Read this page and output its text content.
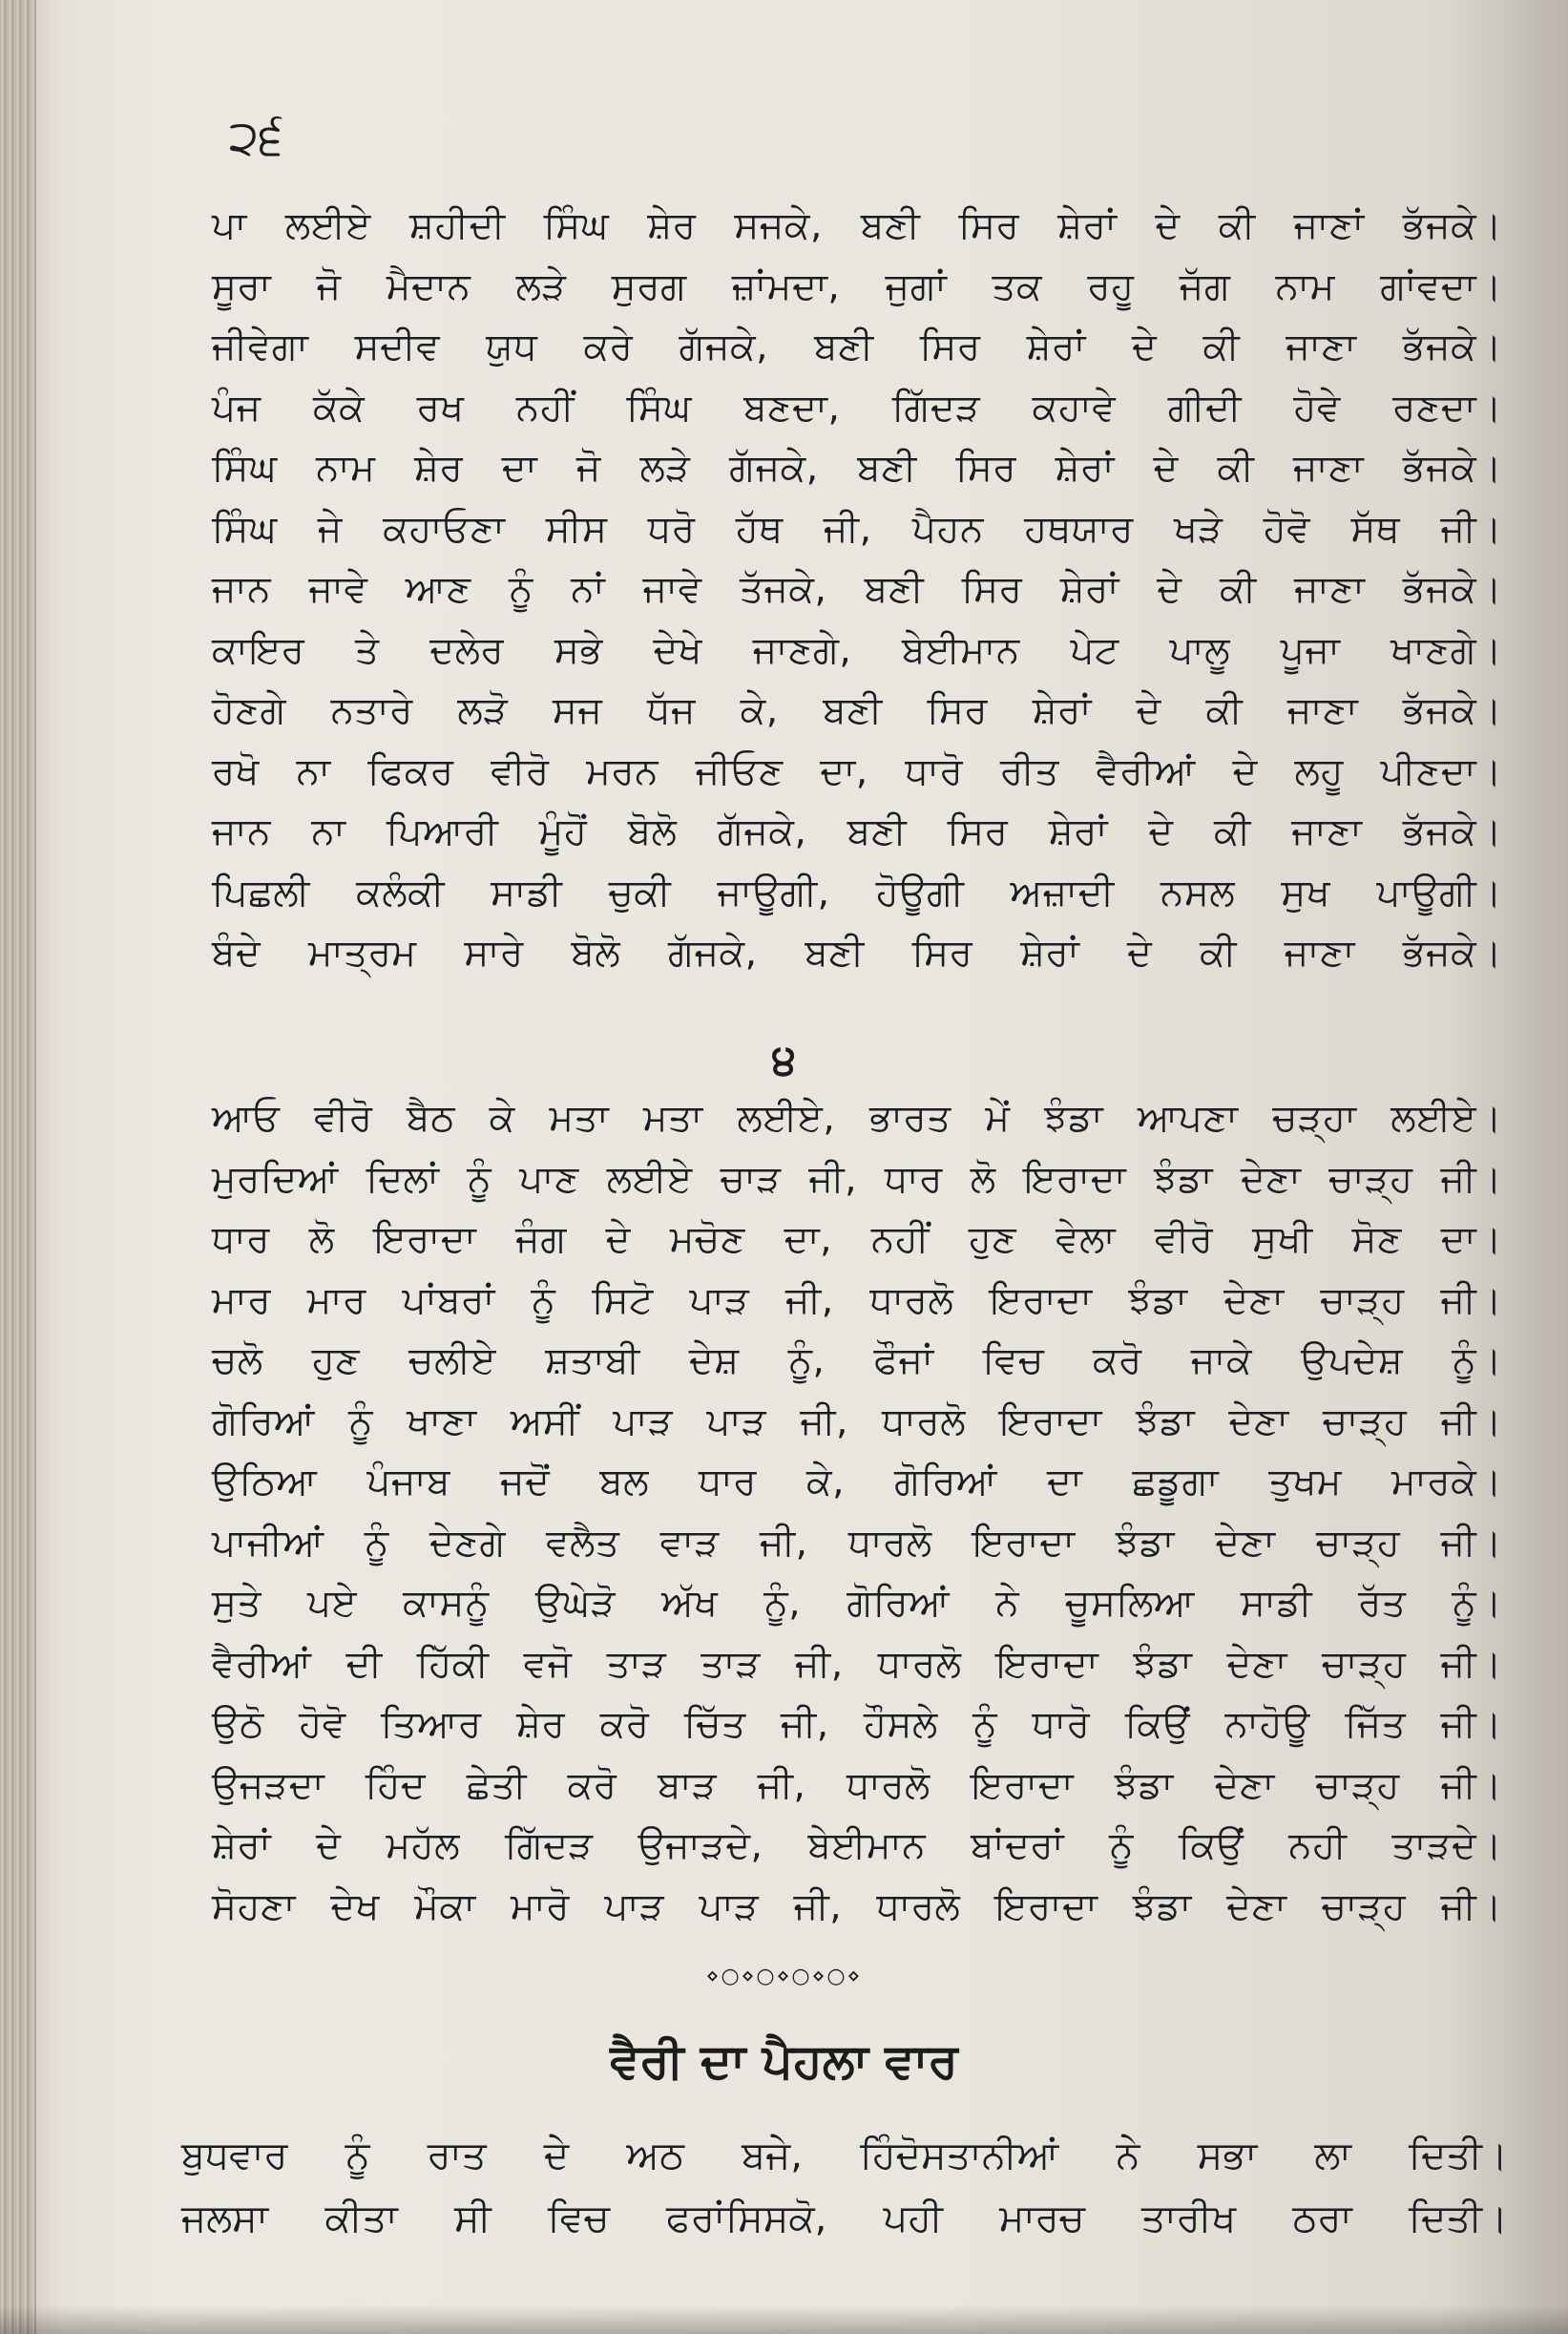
੨੬

ਪਾ ਲਈਏ ਸ਼ਹੀਦੀ ਸਿੰਘ ਸ਼ੇਰ ਸਜਕੇ, ਬਣੀ ਸਿਰ ਸ਼ੇਰਾਂ ਦੇ ਕੀ ਜਾਣਾਂ ਭੱਜਕੇ।

ਸੂਰਾ ਜੋ ਮੈਦਾਨ ਲੜੇ ਸੁਰਗ ਜ਼ਾਂਮਦਾ, ਜੁਗਾਂ ਤਕ ਰਹੂ ਜੱਗ ਨਾਮ ਗਾਂਵਦਾ।

ਜੀਵੇਗਾ ਸਦੀਵ ਯੁਧ ਕਰੇ ਗੱਜਕੇ, ਬਣੀ ਸਿਰ ਸ਼ੇਰਾਂ ਦੇ ਕੀ ਜਾਣਾ ਭੱਜਕੇ।

ਪੰਜ ਕੱਕੇ ਰਖ ਨਹੀਂ ਸਿੰਘ ਬਣਦਾ, ਗਿੱਦੜ ਕਹਾਵੇ ਗੀਦੀ ਹੋਵੇ ਰਣਦਾ।

ਸਿੰਘ ਨਾਮ ਸ਼ੇਰ ਦਾ ਜੋ ਲੜੇ ਗੱਜਕੇ, ਬਣੀ ਸਿਰ ਸ਼ੇਰਾਂ ਦੇ ਕੀ ਜਾਣਾ ਭੱਜਕੇ।

ਸਿੰਘ ਜੇ ਕਹਾਓਣਾ ਸੀਸ ਧਰੋ ਹੱਥ ਜੀ, ਪੈਹਨ ਹਥਯਾਰ ਖੜੇ ਹੋਵੋ ਸੱਥ ਜੀ।

ਜਾਨ ਜਾਵੇ ਆਣ ਨੂੰ ਨਾਂ ਜਾਵੇ ਤੱਜਕੇ, ਬਣੀ ਸਿਰ ਸ਼ੇਰਾਂ ਦੇ ਕੀ ਜਾਣਾ ਭੱਜਕੇ।

ਕਾਇਰ ਤੇ ਦਲੇਰ ਸਭੇ ਦੇਖੇ ਜਾਣਗੇ, ਬੇਈਮਾਨ ਪੇਟ ਪਾਲੂ ਪੂਜਾ ਖਾਣਗੇ।

ਹੋਣਗੇ ਨਤਾਰੇ ਲੜੋ ਸਜ ਧੱਜ ਕੇ, ਬਣੀ ਸਿਰ ਸ਼ੇਰਾਂ ਦੇ ਕੀ ਜਾਣਾ ਭੱਜਕੇ।

ਰਖੋ ਨਾ ਫਿਕਰ ਵੀਰੋ ਮਰਨ ਜੀਓਣ ਦਾ, ਧਾਰੋ ਰੀਤ ਵੈਰੀਆਂ ਦੇ ਲਹੂ ਪੀਣਦਾ।

ਜਾਨ ਨਾ ਪਿਆਰੀ ਮੂੰਹੋਂ ਬੋਲੋ ਗੱਜਕੇ, ਬਣੀ ਸਿਰ ਸ਼ੇਰਾਂ ਦੇ ਕੀ ਜਾਣਾ ਭੱਜਕੇ।

ਪਿਛਲੀ ਕਲੰਕੀ ਸਾਡੀ ਚੁਕੀ ਜਾਊਗੀ, ਹੋਊਗੀ ਅਜ਼ਾਦੀ ਨਸਲ ਸੁਖ ਪਾਊਗੀ।

ਬੰਦੇ ਮਾਤ੍ਰਮ ਸਾਰੇ ਬੋਲੋ ਗੱਜਕੇ, ਬਣੀ ਸਿਰ ਸ਼ੇਰਾਂ ਦੇ ਕੀ ਜਾਣਾ ਭੱਜਕੇ।

੪

ਆਓ ਵੀਰੋ ਬੈਠ ਕੇ ਮਤਾ ਮਤਾ ਲਈਏ, ਭਾਰਤ ਮੇਂ ਝੰਡਾ ਆਪਣਾ ਚੜ੍ਹਾ ਲਈਏ।

ਮੁਰਦਿਆਂ ਦਿਲਾਂ ਨੂੰ ਪਾਣ ਲਈਏ ਚਾੜ ਜੀ, ਧਾਰ ਲੋ ਇਰਾਦਾ ਝੰਡਾ ਦੇਣਾ ਚਾੜ੍ਹ ਜੀ।

ਧਾਰ ਲੋ ਇਰਾਦਾ ਜੰਗ ਦੇ ਮਚੋਣ ਦਾ, ਨਹੀਂ ਹੁਣ ਵੇਲਾ ਵੀਰੋ ਸੁਖੀ ਸੋਣ ਦਾ।

ਮਾਰ ਮਾਰ ਪਾਂਬਰਾਂ ਨੂੰ ਸਿਟੋ ਪਾੜ ਜੀ, ਧਾਰਲੋ ਇਰਾਦਾ ਝੰਡਾ ਦੇਣਾ ਚਾੜ੍ਹ ਜੀ।

ਚਲੋ ਹੁਣ ਚਲੀਏ ਸ਼ਤਾਬੀ ਦੇਸ਼ ਨੂੰ, ਫੌਜਾਂ ਵਿਚ ਕਰੋ ਜਾਕੇ ਉਪਦੇਸ਼ ਨੂੰ।

ਗੋਰਿਆਂ ਨੂੰ ਖਾਣਾ ਅਸੀਂ ਪਾੜ ਪਾੜ ਜੀ, ਧਾਰਲੋ ਇਰਾਦਾ ਝੰਡਾ ਦੇਣਾ ਚਾੜ੍ਹ ਜੀ।

ਉਠਿਆ ਪੰਜਾਬ ਜਦੋਂ ਬਲ ਧਾਰ ਕੇ, ਗੋਰਿਆਂ ਦਾ ਛਡੂਗਾ ਤੁਖਮ ਮਾਰਕੇ।

ਪਾਜੀਆਂ ਨੂੰ ਦੇਣਗੇ ਵਲੈਤ ਵਾੜ ਜੀ, ਧਾਰਲੋ ਇਰਾਦਾ ਝੰਡਾ ਦੇਣਾ ਚਾੜ੍ਹ ਜੀ।

ਸੁਤੇ ਪਏ ਕਾਸਨੂੰ ਉਘੇੜੋ ਅੱਖ ਨੂੰ, ਗੋਰਿਆਂ ਨੇ ਚੂਸਲਿਆ ਸਾਡੀ ਰੱਤ ਨੂੰ।

ਵੈਰੀਆਂ ਦੀ ਹਿੱਕੀ ਵਜੋ ਤਾੜ ਤਾੜ ਜੀ, ਧਾਰਲੋ ਇਰਾਦਾ ਝੰਡਾ ਦੇਣਾ ਚਾੜ੍ਹ ਜੀ।

ਉਠੋ ਹੋਵੋ ਤਿਆਰ ਸ਼ੇਰ ਕਰੋ ਚਿੱਤ ਜੀ, ਹੌਸਲੇ ਨੂੰ ਧਾਰੋ ਕਿਉਂ ਨਾਹੋਊ ਜਿੱਤ ਜੀ।

ਉਜੜਦਾ ਹਿੰਦ ਛੇਤੀ ਕਰੋ ਬਾੜ ਜੀ, ਧਾਰਲੋ ਇਰਾਦਾ ਝੰਡਾ ਦੇਣਾ ਚਾੜ੍ਹ ਜੀ।

ਸ਼ੇਰਾਂ ਦੇ ਮਹੱਲ ਗਿੱਦੜ ਉਜਾੜਦੇ, ਬੇਈਮਾਨ ਬਾਂਦਰਾਂ ਨੂੰ ਕਿਉਂ ਨਹੀ ਤਾੜਦੇ।

ਸੋਹਣਾ ਦੇਖ ਮੌਕਾ ਮਾਰੋ ਪਾੜ ਪਾੜ ਜੀ, ਧਾਰਲੋ ਇਰਾਦਾ ਝੰਡਾ ਦੇਣਾ ਚਾੜ੍ਹ ਜੀ।

⋄○⋄○⋄○⋄○⋄

ਵੈਰੀ ਦਾ ਪੈਹਲਾ ਵਾਰ

ਬੁਧਵਾਰ ਨੂੰ ਰਾਤ ਦੇ ਅਠ ਬਜੇ, ਹਿੰਦੋਸਤਾਨੀਆਂ ਨੇ ਸਭਾ ਲਾ ਦਿਤੀ।

ਜਲਸਾ ਕੀਤਾ ਸੀ ਵਿਚ ਫਰਾਂਸਿਸਕੋ, ਪਹੀ ਮਾਰਚ ਤਾਰੀਖ ਠਰਾ ਦਿਤੀ।
